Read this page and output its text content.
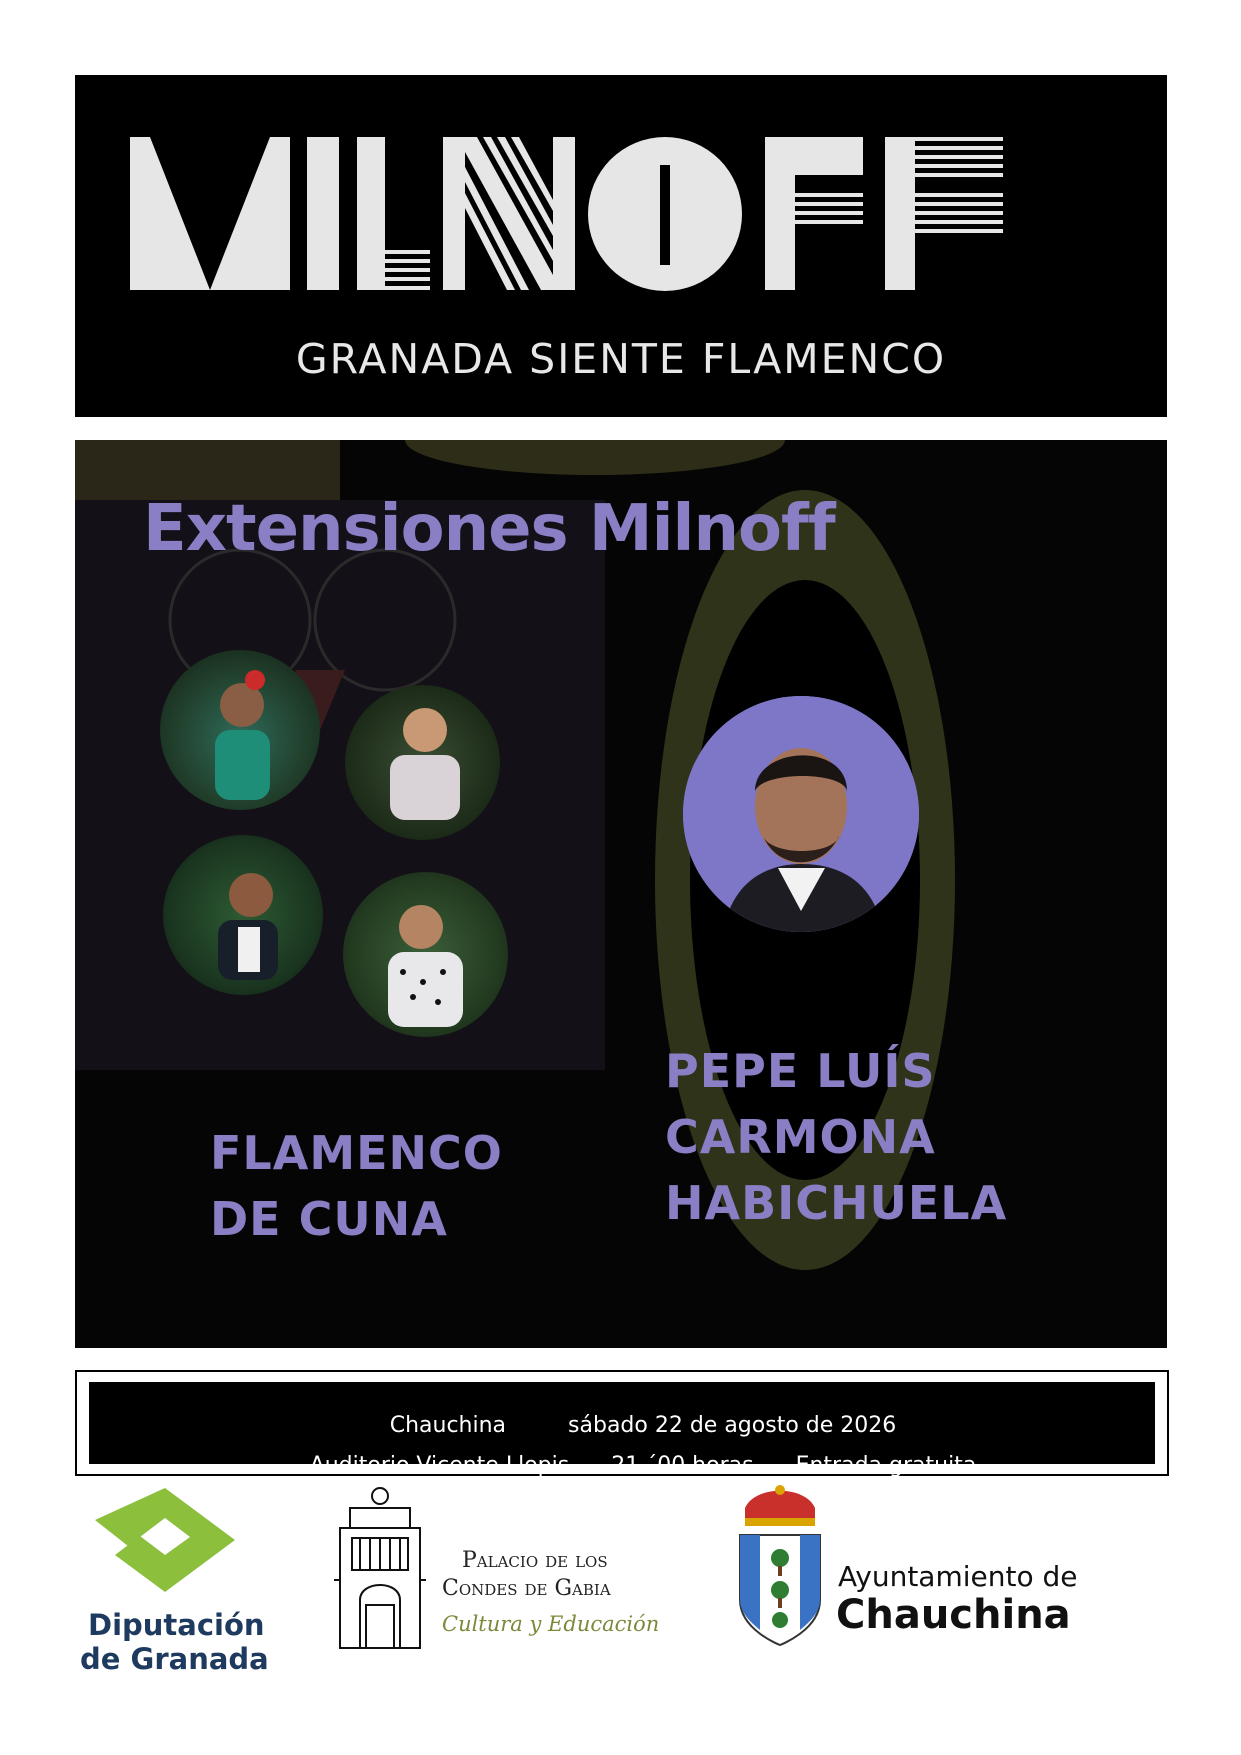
GRANADA SIENTE FLAMENCO
Extensiones Milnoff
FLAMENCO
DE CUNA
PEPE LUÍS
CARMONA
HABICHUELA

Chauchina	sábado 22 de agosto de 2026

Auditorio Vicente Llopis 21 ´00 horas Entrada gratuita

Diputación
de Granada
Palacio de los
Condes de Gabia
Cultura y Educación
Ayuntamiento de
Chauchina
